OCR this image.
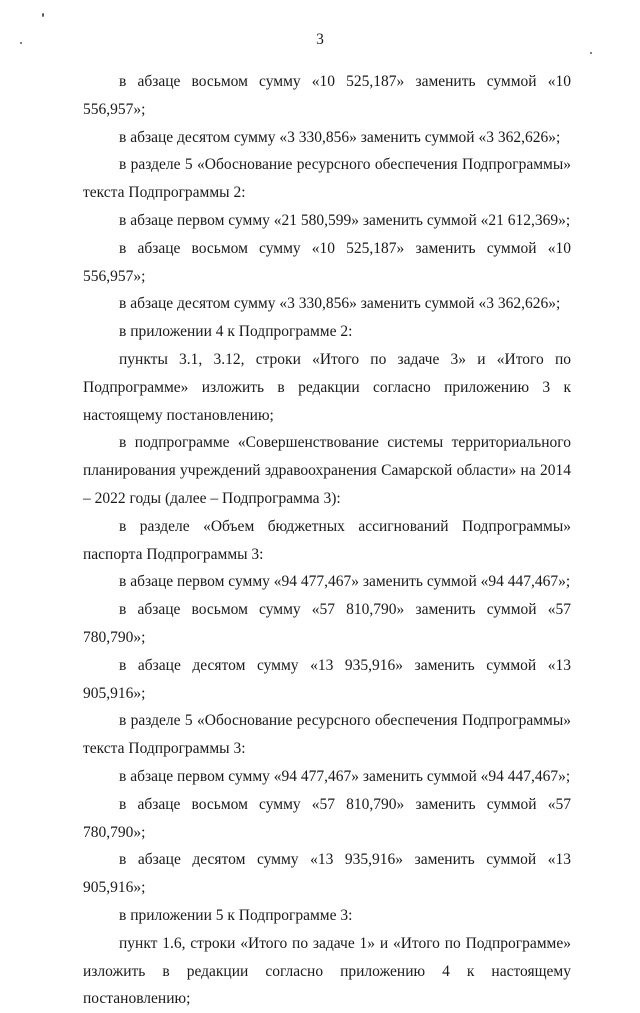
3

в абзаце восьмом сумму «10 525,187» заменить суммой «10 556,957»;

в абзаце десятом сумму «3 330,856» заменить суммой «3 362,626»;

в разделе 5 «Обоснование ресурсного обеспечения Подпрограммы» текста Подпрограммы 2:

в абзаце первом сумму «21 580,599» заменить суммой «21 612,369»;

в абзаце восьмом сумму «10 525,187» заменить суммой «10 556,957»;

в абзаце десятом сумму «3 330,856» заменить суммой «3 362,626»;

в приложении 4 к Подпрограмме 2:

пункты 3.1, 3.12, строки «Итого по задаче 3» и «Итого по Подпрограмме» изложить в редакции согласно приложению 3 к настоящему постановлению;

в подпрограмме «Совершенствование системы территориального планирования учреждений здравоохранения Самарской области» на 2014 – 2022 годы (далее – Подпрограмма 3):

в разделе «Объем бюджетных ассигнований Подпрограммы» паспорта Подпрограммы 3:

в абзаце первом сумму «94 477,467» заменить суммой «94 447,467»;

в абзаце восьмом сумму «57 810,790» заменить суммой «57 780,790»;

в абзаце десятом сумму «13 935,916» заменить суммой «13 905,916»;

в разделе 5 «Обоснование ресурсного обеспечения Подпрограммы» текста Подпрограммы 3:

в абзаце первом сумму «94 477,467» заменить суммой «94 447,467»;

в абзаце восьмом сумму «57 810,790» заменить суммой «57 780,790»;

в абзаце десятом сумму «13 935,916» заменить суммой «13 905,916»;

в приложении 5 к Подпрограмме 3:

пункт 1.6, строки «Итого по задаче 1» и «Итого по Подпрограмме» изложить в редакции согласно приложению 4 к настоящему постановлению;
